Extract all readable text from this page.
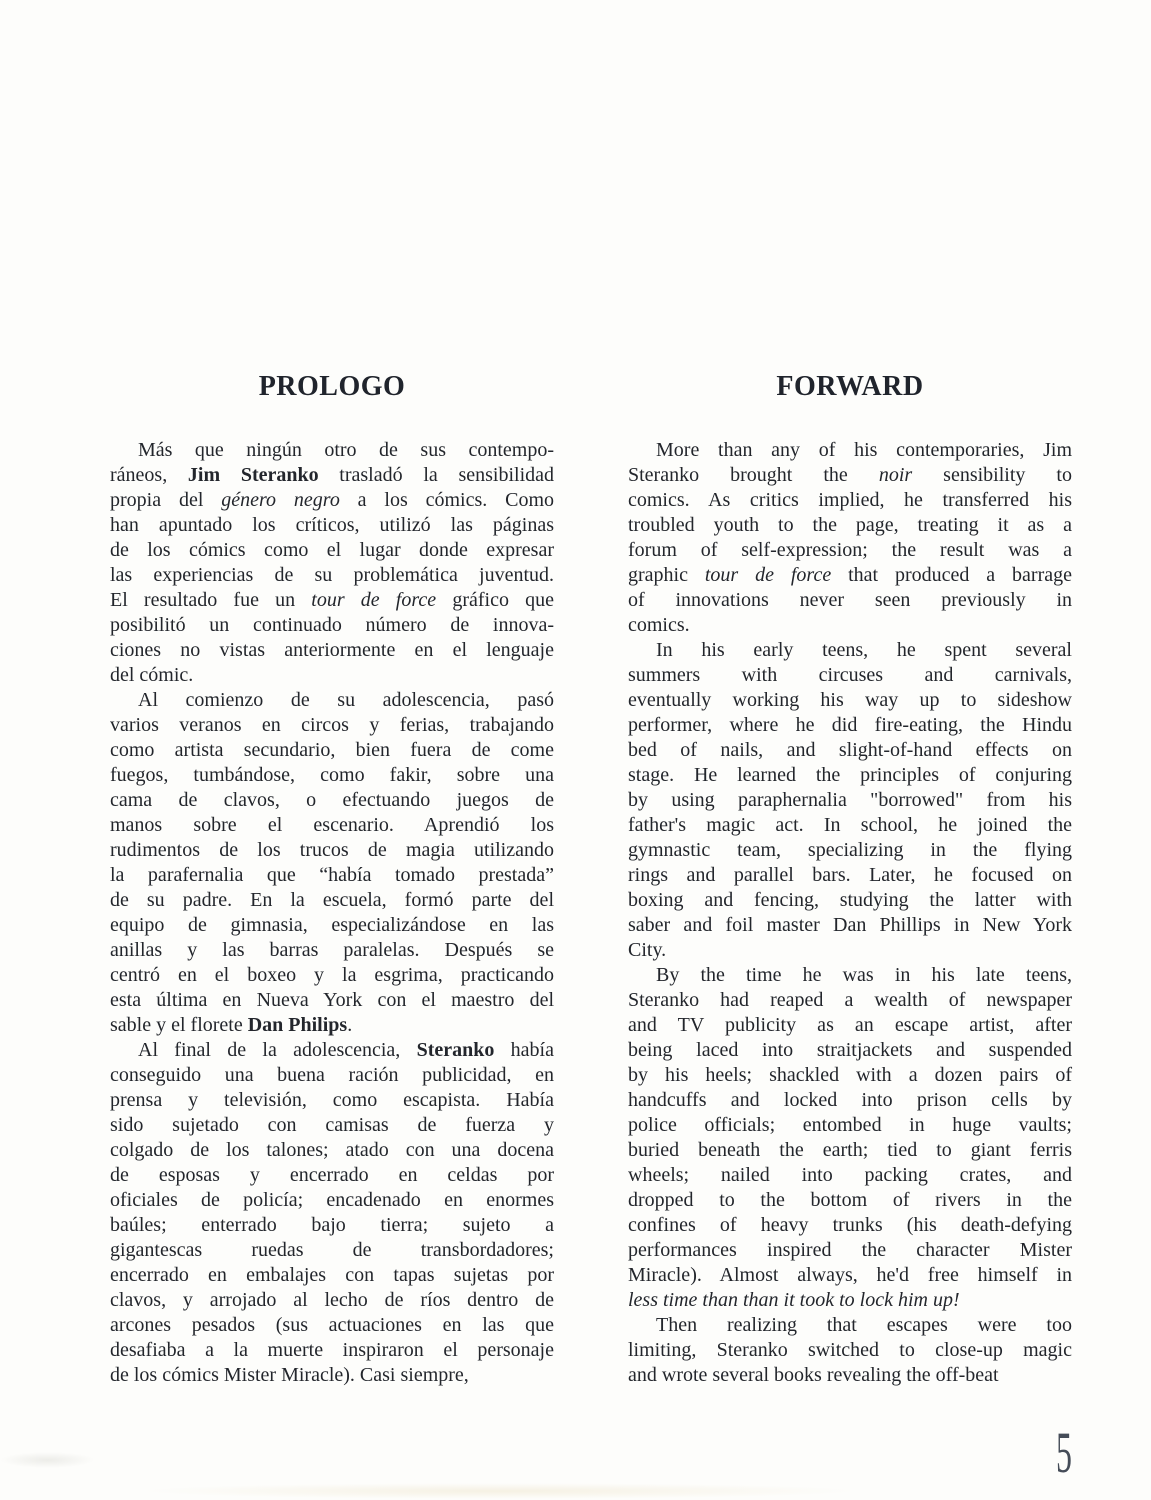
PROLOGO
Más que ningún otro de sus contempo-
ráneos, Jim Steranko trasladó la sensibilidad
propia del género negro a los cómics. Como
han apuntado los críticos, utilizó las páginas
de los cómics como el lugar donde expresar
las experiencias de su problemática juventud.
El resultado fue un tour de force gráfico que
posibilitó un continuado número de innova-
ciones no vistas anteriormente en el lenguaje
del cómic.
Al comienzo de su adolescencia, pasó
varios veranos en circos y ferias, trabajando
como artista secundario, bien fuera de come
fuegos, tumbándose, como fakir, sobre una
cama de clavos, o efectuando juegos de
manos sobre el escenario. Aprendió los
rudimentos de los trucos de magia utilizando
la parafernalia que “había tomado prestada”
de su padre. En la escuela, formó parte del
equipo de gimnasia, especializándose en las
anillas y las barras paralelas. Después se
centró en el boxeo y la esgrima, practicando
esta última en Nueva York con el maestro del
sable y el florete Dan Philips.
Al final de la adolescencia, Steranko había
conseguido una buena ración publicidad, en
prensa y televisión, como escapista. Había
sido sujetado con camisas de fuerza y
colgado de los talones; atado con una docena
de esposas y encerrado en celdas por
oficiales de policía; encadenado en enormes
baúles; enterrado bajo tierra; sujeto a
gigantescas ruedas de transbordadores;
encerrado en embalajes con tapas sujetas por
clavos, y arrojado al lecho de ríos dentro de
arcones pesados (sus actuaciones en las que
desafiaba a la muerte inspiraron el personaje
de los cómics Mister Miracle). Casi siempre,
FORWARD
More than any of his contemporaries, Jim
Steranko brought the noir sensibility to
comics. As critics implied, he transferred his
troubled youth to the page, treating it as a
forum of self-expression; the result was a
graphic tour de force that produced a barrage
of innovations never seen previously in
comics.
In his early teens, he spent several
summers with circuses and carnivals,
eventually working his way up to sideshow
performer, where he did fire-eating, the Hindu
bed of nails, and slight-of-hand effects on
stage. He learned the principles of conjuring
by using paraphernalia "borrowed" from his
father's magic act. In school, he joined the
gymnastic team, specializing in the flying
rings and parallel bars. Later, he focused on
boxing and fencing, studying the latter with
saber and foil master Dan Phillips in New York
City.
By the time he was in his late teens,
Steranko had reaped a wealth of newspaper
and TV publicity as an escape artist, after
being laced into straitjackets and suspended
by his heels; shackled with a dozen pairs of
handcuffs and locked into prison cells by
police officials; entombed in huge vaults;
buried beneath the earth; tied to giant ferris
wheels; nailed into packing crates, and
dropped to the bottom of rivers in the
confines of heavy trunks (his death-defying
performances inspired the character Mister
Miracle). Almost always, he'd free himself in
less time than than it took to lock him up!
Then realizing that escapes were too
limiting, Steranko switched to close-up magic
and wrote several books revealing the off-beat
5
